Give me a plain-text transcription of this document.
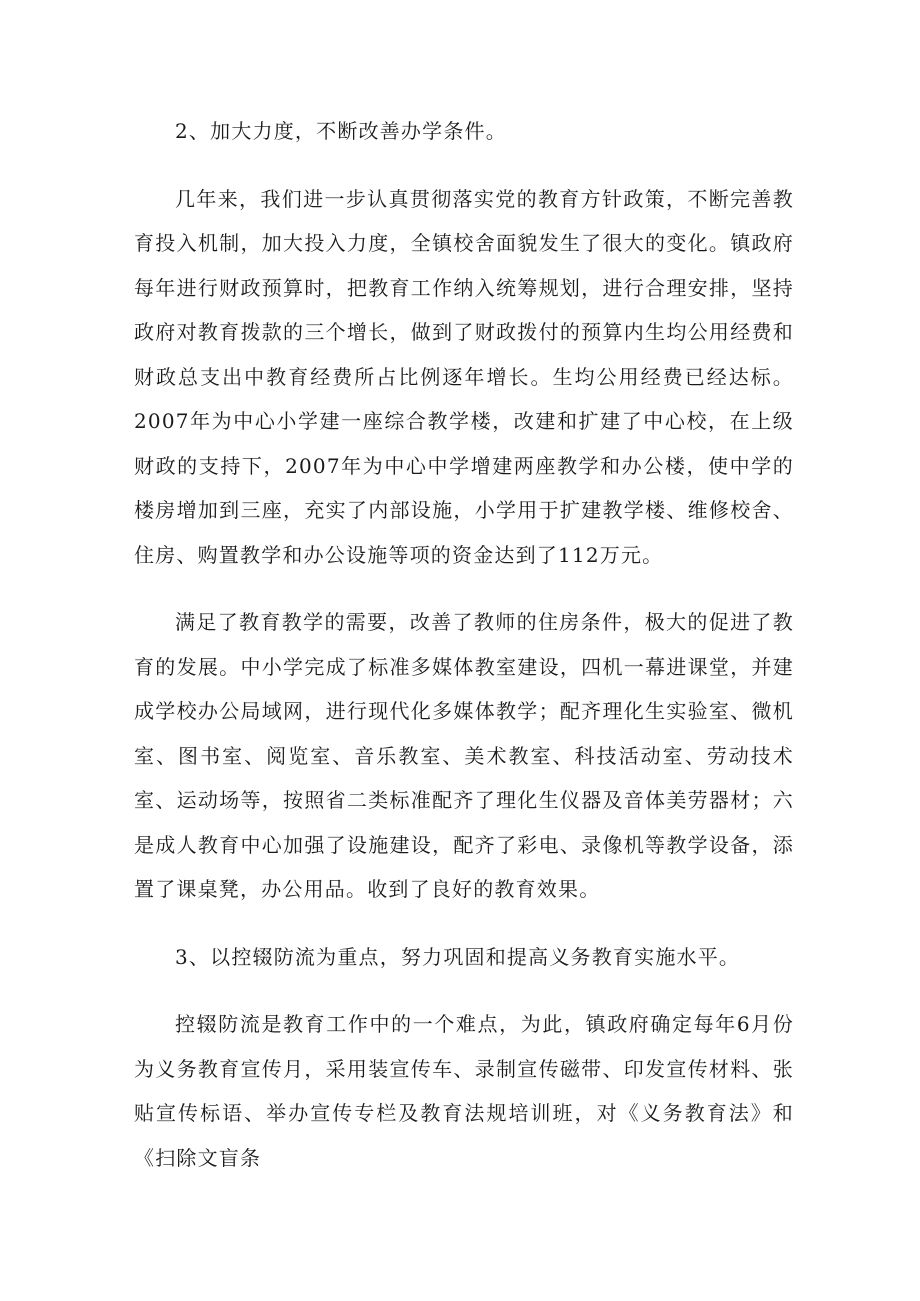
2、加大力度，不断改善办学条件。

几年来，我们进一步认真贯彻落实党的教育方针政策，不断完善教育投入机制，加大投入力度，全镇校舍面貌发生了很大的变化。镇政府每年进行财政预算时，把教育工作纳入统筹规划，进行合理安排，坚持政府对教育拨款的三个增长，做到了财政拨付的预算内生均公用经费和财政总支出中教育经费所占比例逐年增长。生均公用经费已经达标。2007年为中心小学建一座综合教学楼，改建和扩建了中心校，在上级财政的支持下，2007年为中心中学增建两座教学和办公楼，使中学的楼房增加到三座，充实了内部设施，小学用于扩建教学楼、维修校舍、住房、购置教学和办公设施等项的资金达到了112万元。

满足了教育教学的需要，改善了教师的住房条件，极大的促进了教育的发展。中小学完成了标准多媒体教室建设，四机一幕进课堂，并建成学校办公局域网，进行现代化多媒体教学；配齐理化生实验室、微机室、图书室、阅览室、音乐教室、美术教室、科技活动室、劳动技术室、运动场等，按照省二类标准配齐了理化生仪器及音体美劳器材；六是成人教育中心加强了设施建设，配齐了彩电、录像机等教学设备，添置了课桌凳，办公用品。收到了良好的教育效果。

3、以控辍防流为重点，努力巩固和提高义务教育实施水平。

控辍防流是教育工作中的一个难点，为此，镇政府确定每年6月份为义务教育宣传月，采用装宣传车、录制宣传磁带、印发宣传材料、张贴宣传标语、举办宣传专栏及教育法规培训班，对《义务教育法》和《扫除文盲条
